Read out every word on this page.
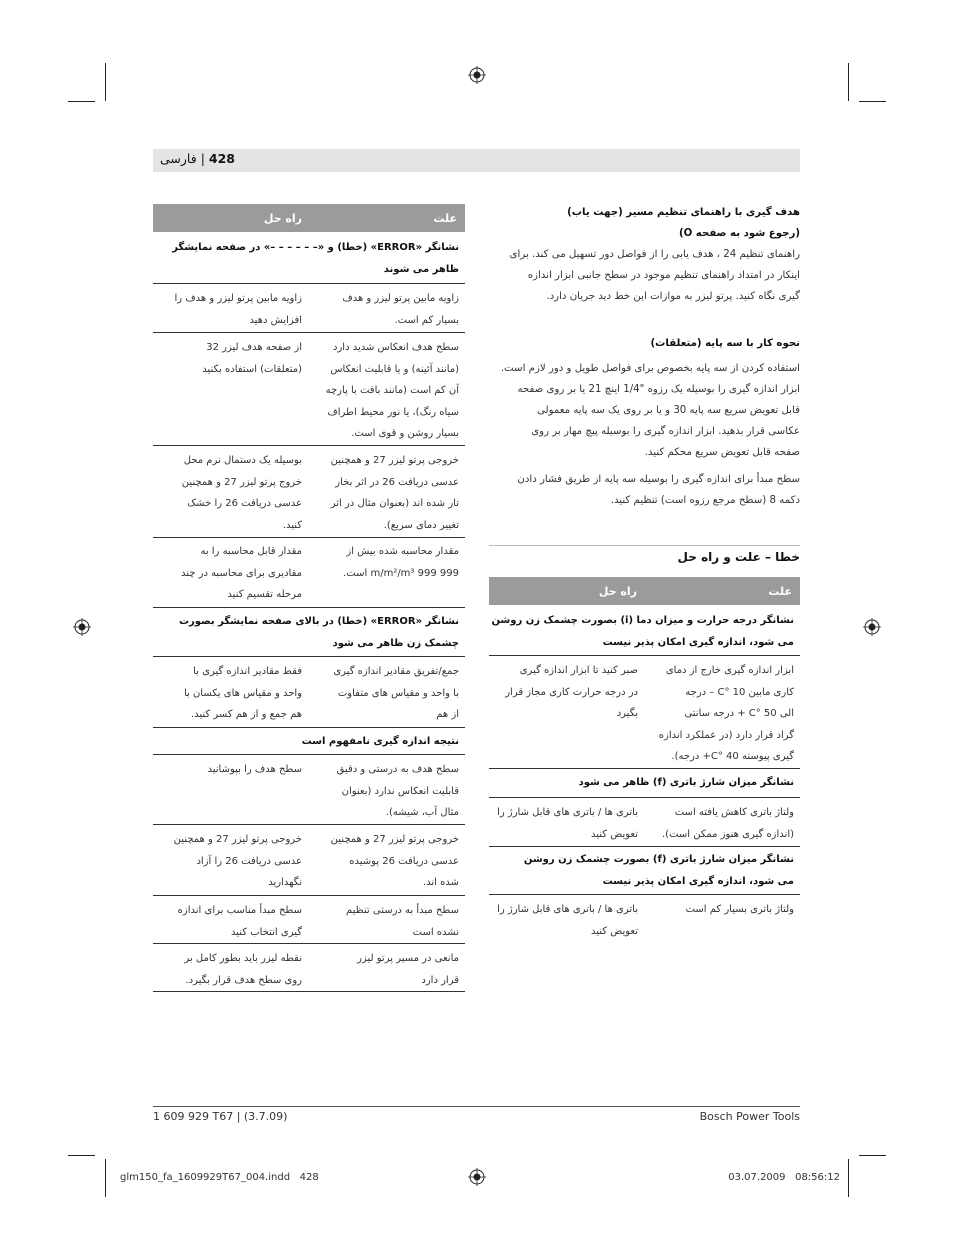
428 | فارسی
هدف گیری با راهنمای تنظیم مسیر (جهت یاب)
(رجوع شود به صفحه O)
راهنمای تنظیم 24 ، هدف یابی را از فواصل دور تسهیل می کند. برای
اینکار در امتداد راهنمای تنظیم موجود در سطح جانبی ابزار اندازه
گیری نگاه کنید. پرتو لیزر به موازات این خط دید جریان دارد.
نحوه کار با سه پایه (متعلقات)
استفاده کردن از سه پایه بخصوص برای فواصل طویل و دور لازم است.
ابزار اندازه گیری را بوسیله یک رزوه "1/4 اینچ 21 یا بر روی صفحه
قابل تعویض سریع سه پایه 30 و یا بر روی یک سه پایه معمولی
عکاسی قرار بدهید. ابزار اندازه گیری را بوسیله پیچ مهار بر روی
صفحه قابل تعویض سریع محکم کنید.
سطح مبدأ برای اندازه گیری را بوسیله سه پایه از طریق فشار دادن
دکمه 8 (سطح مرجع رزوه است) تنظیم کنید.
خطا – علت و راه حل
علت
راه حل
نشانگر درجه حرارت و میزان دما (i) بصورت چشمک زن روشن
می شود، اندازه گیری امکان پذیر نیست
ابزار اندازه گیری خارج از دمای
کاری مابین C° 10 – درجه
الی C° 50 + درجه سانتی
گراد قرار دارد (در عملکرد اندازه
گیری پیوسته C° 40+ درجه).
صبر کنید تا ابزار اندازه گیری
در درجه حرارت کاری مجاز قرار
بگیرد
نشانگر میزان شارژ باتری (f) ظاهر می شود
ولتاژ باتری کاهش یافته است
(اندازه گیری هنوز ممکن است).
باتری ها / باتری های قابل شارژ را
تعویض کنید
نشانگر میزان شارژ باتری (f) بصورت چشمک زن روشن
می شود، اندازه گیری امکان پذیر نیست
ولتاژ باتری بسیار کم است
باتری ها / باتری های قابل شارژ را
تعویض کنید
علت
راه حل
نشانگر «ERROR» (خطا) و «– – – – – –» در صفحه نمایشگر
ظاهر می شوند
زاویه مابین پرتو لیزر و هدف
بسیار کم است.
زاویه مابین پرتو لیزر و هدف را
افزایش دهید
سطح هدف انعکاس شدید دارد
(مانند آئینه) و یا قابلیت انعکاس
آن کم است (مانند بافت با پارچه
سیاه رنگ)، یا نور محیط اطراف
بسیار روشن و قوی است.
از صفحه هدف لیزر 32
(متعلقات) استفاده بکنید
خروجی پرتو لیزر 27 و همچنین
عدسی دریافت 26 در اثر بخار
تار شده اند (بعنوان مثال در اثر
تغییر دمای سریع).
بوسیله یک دستمال نرم محل
خروج پرتو لیزر 27 و همچنین
عدسی دریافت 26 را خشک
کنید.
مقدار محاسبه شده بیش از
999 999 m/m²/m³ است.
مقدار قابل محاسبه را به
مقادیری برای محاسبه در چند
مرحله تقسیم کنید
نشانگر «ERROR» (خطا) در بالای صفحه نمایشگر بصورت
چشمک زن ظاهر می شود
جمع/تفریق مقادیر اندازه گیری
با واحد و مقیاس های متفاوت
از هم
فقط مقادیر اندازه گیری با
واحد و مقیاس های یکسان با
هم جمع و از هم کسر کنید.
نتیجه اندازه گیری نامفهوم است
سطح هدف به درستی و دقیق
قابلیت انعکاس ندارد (بعنوان
مثال آب، شیشه).
سطح هدف را بپوشانید
خروجی پرتو لیزر 27 و همچنین
عدسی دریافت 26 پوشیده
شده اند.
خروجی پرتو لیزر 27 و همچنین
عدسی دریافت 26 را آزاد
نگهدارید
سطح مبدأ به درستی تنظیم
نشده است
سطح مبدأ مناسب برای اندازه
گیری انتخاب کنید
مانعی در مسیر پرتو لیزر
قرار دارد
نقطه لیزر باید بطور کامل بر
روی سطح هدف قرار بگیرد.
1 609 929 T67 | (3.7.09)	Bosch Power Tools
glm150_fa_1609929T67_004.indd 428	03.07.2009 08:56:12
